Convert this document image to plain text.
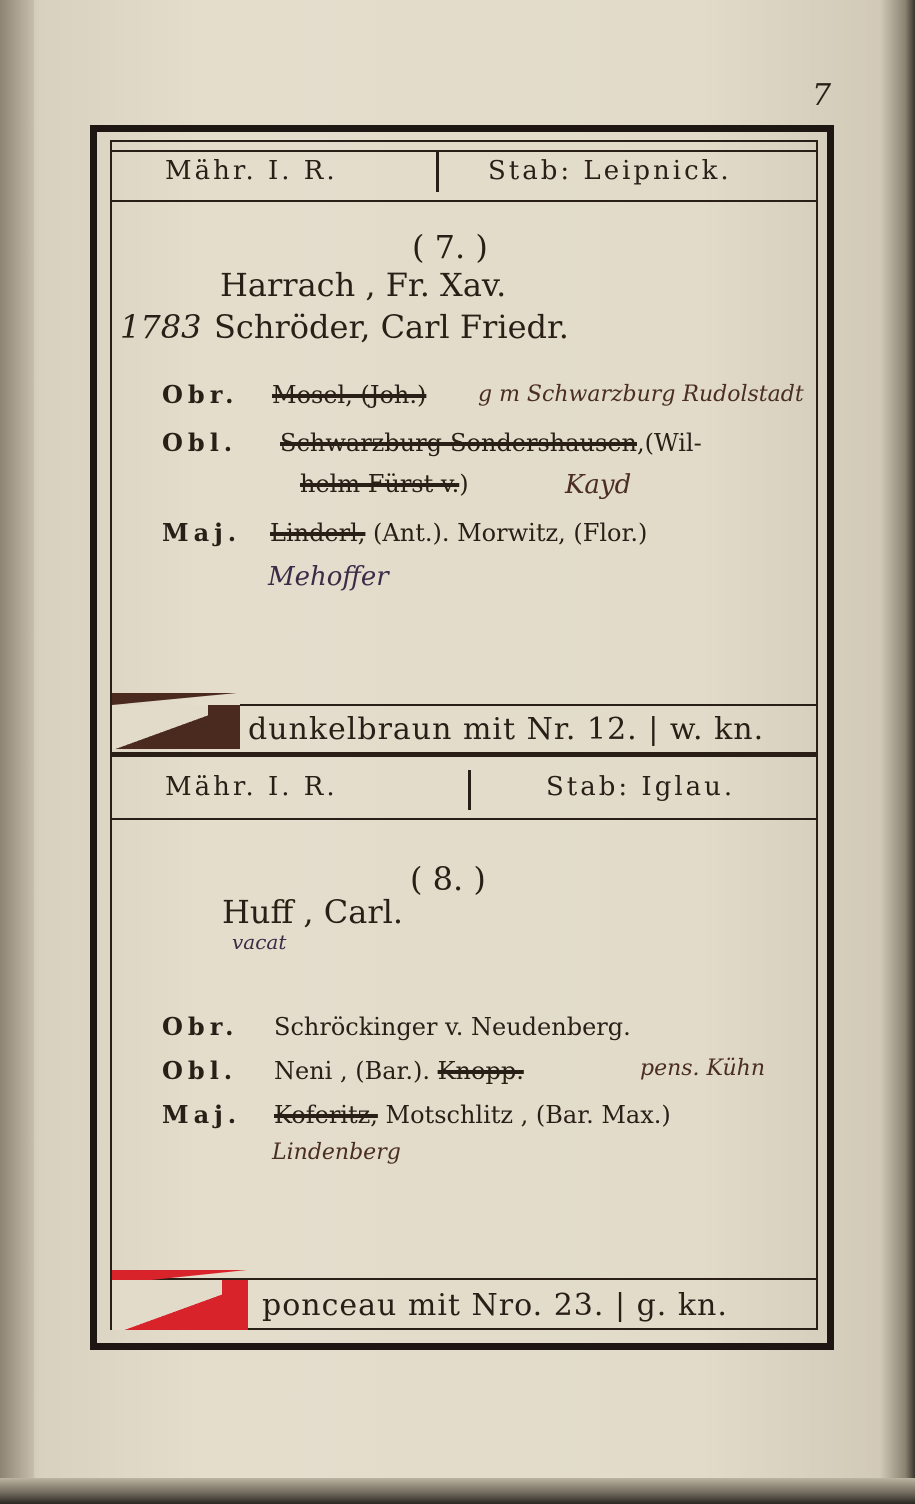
7
Mähr. I. R.	Stab: Leipnick.
( 7. )
Harrach , Fr. Xav.
1783 Schröder, Carl Friedr.
Obr. Mosel, (Joh.) g m Schwarzburg Rudolstadt
Obl. Schwarzburg-Sondershausen,(Wil-
helm Fürst v.)	Kayd
Maj. Linderl, (Ant.). Morwitz, (Flor.)
Mehoffer
dunkelbraun mit Nr. 12. | w. kn.
Mähr. I. R.	Stab: Iglau.
( 8. )
Huff , Carl.
vacat
Obr. Schröckinger v. Neudenberg.
Obl. Neni , (Bar.). Knopp.	pens. Kühn
Maj. Koferitz, Motschlitz , (Bar. Max.)
Lindenberg
ponceau mit Nro. 23. | g. kn.
